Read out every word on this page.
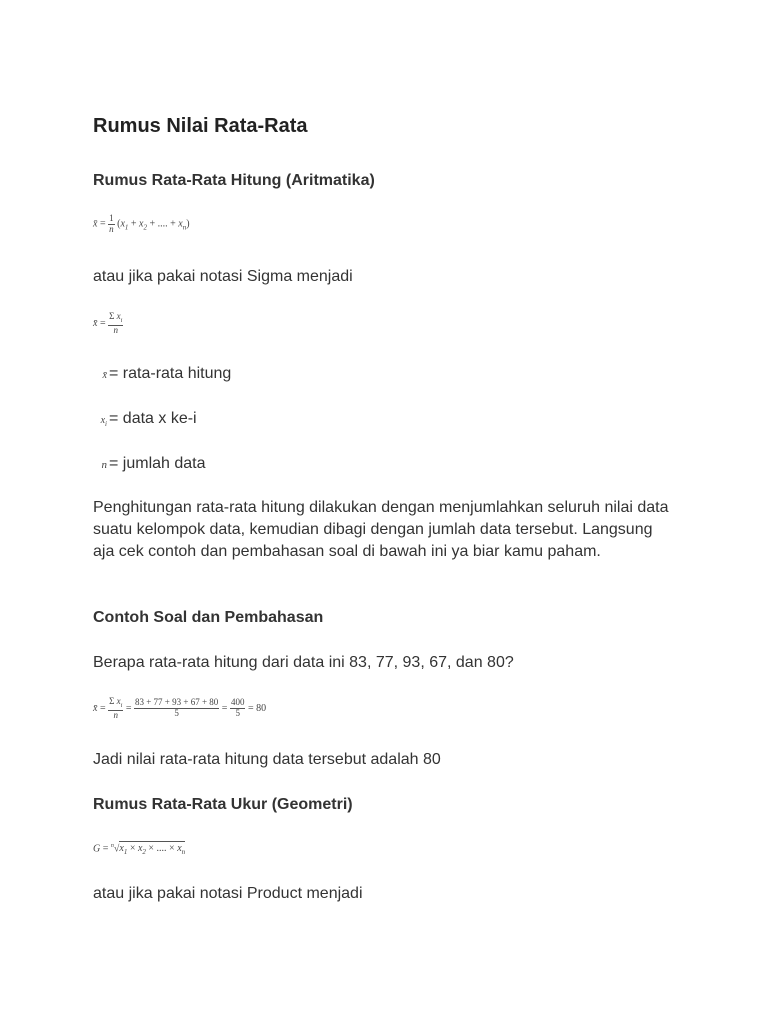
Rumus Nilai Rata-Rata
Rumus Rata-Rata Hitung (Aritmatika)
x̄ = $\frac{1}{n} (x_1 + x_2$ + .... + $x_n$)
atau jika pakai notasi Sigma menjadi
x̄ = $\frac{\Sigma x_i}{n}$
x̄ = rata-rata hitung
$x_i$ = data x ke-i
n = jumlah data
Penghitungan rata-rata hitung dilakukan dengan menjumlahkan seluruh nilai data suatu kelompok data, kemudian dibagi dengan jumlah data tersebut. Langsung aja cek contoh dan pembahasan soal di bawah ini ya biar kamu paham.
Contoh Soal dan Pembahasan
Berapa rata-rata hitung dari data ini 83, 77, 93, 67, dan 80?
x̄ = $\frac{\Sigma x_i}{n} = \frac{83 + 77 + 93 + 67 + 80}{5} = \frac{400}{5} = 80$
Jadi nilai rata-rata hitung data tersebut adalah 80
Rumus Rata-Rata Ukur (Geometri)
$G = ^n√x_1 \times x_2$ × .... × $x_n$
atau jika pakai notasi Product menjadi
